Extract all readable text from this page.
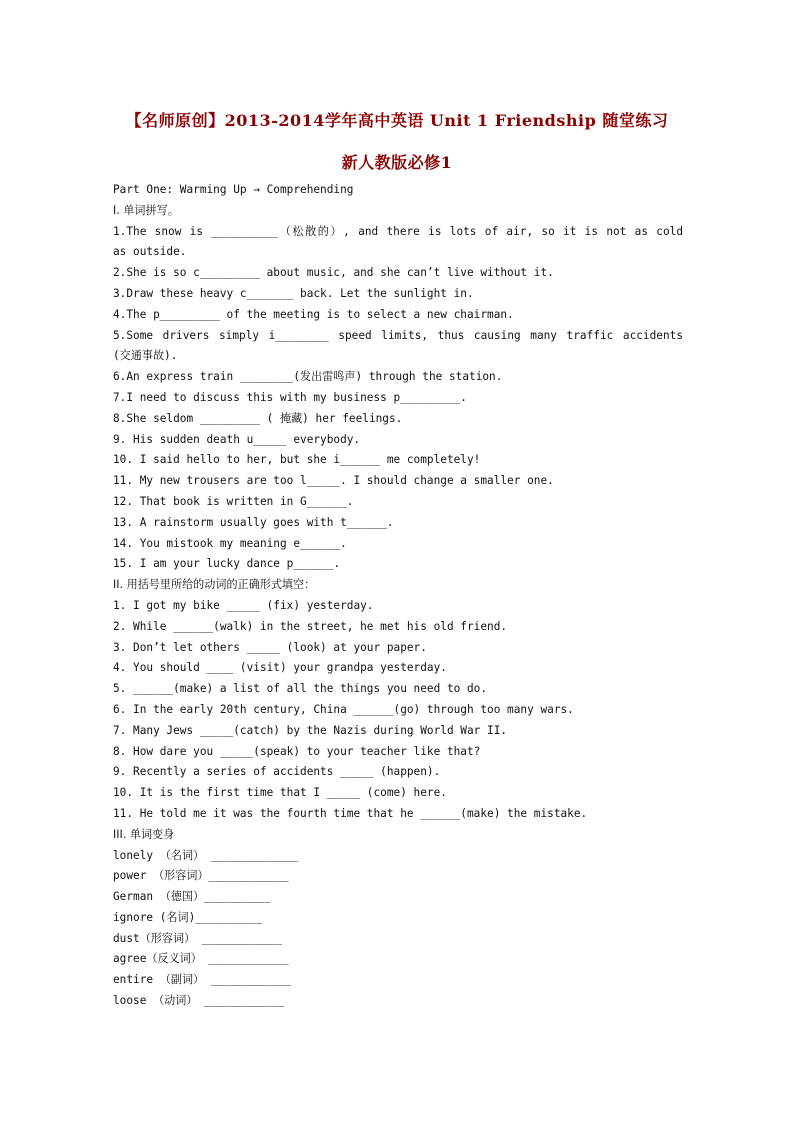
【名师原创】2013-2014学年高中英语 Unit 1 Friendship 随堂练习
新人教版必修1
Part One: Warming Up → Comprehending
I. 单词拼写。
1.The snow is __________（松散的）, and there is lots of air, so it is not as cold
as outside.
2.She is so c_________ about music, and she can’t live without it.
3.Draw these heavy c_______ back. Let the sunlight in.
4.The p_________ of the meeting is to select a new chairman.
5.Some drivers simply i________ speed limits, thus causing many traffic accidents
(交通事故).
6.An express train ________(发出雷鸣声) through the station.
7.I need to discuss this with my business p_________.
8.She seldom _________ ( 掩藏) her feelings.
9. His sudden death u_____ everybody.
10. I said hello to her, but she i______ me completely!
11. My new trousers are too l_____. I should change a smaller one.
12. That book is written in G______.
13. A rainstorm usually goes with t______.
14. You mistook my meaning e______.
15. I am your lucky dance p______.
II. 用括号里所给的动词的正确形式填空：
1. I got my bike _____ (fix) yesterday.
2. While ______(walk) in the street, he met his old friend.
3. Don’t let others _____ (look) at your paper.
4. You should ____ (visit) your grandpa yesterday.
5. ______(make) a list of all the things you need to do.
6. In the early 20th century, China ______(go) through too many wars.
7. Many Jews _____(catch) by the Nazis during World War II.
8. How dare you _____(speak) to your teacher like that?
9. Recently a series of accidents _____ (happen).
10. It is the first time that I _____ (come) here.
11. He told me it was the fourth time that he ______(make) the mistake.
III. 单词变身
lonely （名词） _____________
power （形容词）____________
German （德国）__________
ignore (名词)__________
dust（形容词） ____________
agree（反义词） ____________
entire （副词） ____________
loose （动词） ____________
